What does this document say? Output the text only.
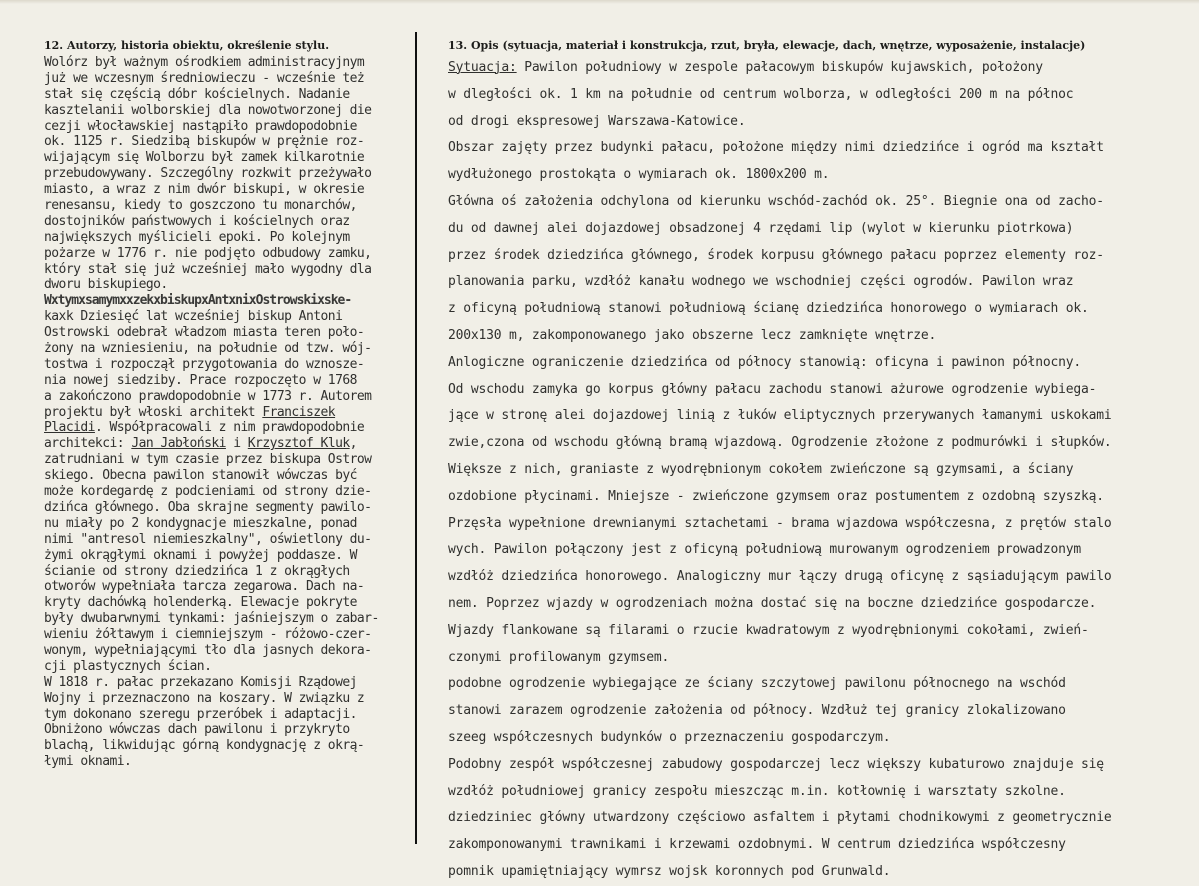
12. Autorzy, historia obiektu, określenie stylu.
Wolórz był ważnym ośrodkiem administracyjnym
już we wczesnym średniowieczu - wcześnie też
stał się częścią dóbr kościelnych. Nadanie
kasztelanii wolborskiej dla nowotworzonej die
cezji włocławskiej nastąpiło prawdopodobnie
ok. 1125 r. Siedzibą biskupów w prężnie roz-
wijającym się Wolborzu był zamek kilkarotnie
przebudowywany. Szczególny rozkwit przeżywało
miasto, a wraz z nim dwór biskupi, w okresie
renesansu, kiedy to goszczono tu monarchów,
dostojników państwowych i kościelnych oraz
największych myślicieli epoki. Po kolejnym
pożarze w 1776 r. nie podjęto odbudowy zamku,
który stał się już wcześniej mało wygodny dla
dworu biskupiego.
WxtymxsamymxxzekxbiskupxAntxnixOstrowskixske-
kaxk Dziesięć lat wcześniej biskup Antoni
Ostrowski odebrał władzom miasta teren poło-
żony na wzniesieniu, na południe od tzw. wój-
tostwa i rozpoczął przygotowania do wznosze-
nia nowej siedziby. Prace rozpoczęto w 1768
a zakończono prawdopodobnie w 1773 r. Autorem
projektu był włoski architekt Franciszek
Placidi. Współpracowali z nim prawdopodobnie
architekci: Jan Jabłoński i Krzysztof Kluk,
zatrudniani w tym czasie przez biskupa Ostrow
skiego. Obecna pawilon stanowił wówczas być
może kordegardę z podcieniami od strony dzie-
dzińca głównego. Oba skrajne segmenty pawilo-
nu miały po 2 kondygnacje mieszkalne, ponad
nimi "antresol niemieszkalny", oświetlony du-
żymi okrągłymi oknami i powyżej poddasze. W
ścianie od strony dziedzińca 1 z okrągłych
otworów wypełniała tarcza zegarowa. Dach na-
kryty dachówką holenderką. Elewacje pokryte
były dwubarwnymi tynkami: jaśniejszym o zabar-
wieniu żółtawym i ciemniejszym - różowo-czer-
wonym, wypełniającymi tło dla jasnych dekora-
cji plastycznych ścian.
W 1818 r. pałac przekazano Komisji Rządowej
Wojny i przeznaczono na koszary. W związku z
tym dokonano szeregu przeróbek i adaptacji.
Obniżono wówczas dach pawilonu i przykryto
blachą, likwidując górną kondygnację z okrą-
łymi oknami.
13. Opis (sytuacja, materiał i konstrukcja, rzut, bryła, elewacje, dach, wnętrze, wyposażenie, instalacje)
Sytuacja: Pawilon południowy w zespole pałacowym biskupów kujawskich, położony
w dległości ok. 1 km na południe od centrum wolborza, w odległości 200 m na północ
od drogi ekspresowej Warszawa-Katowice.
Obszar zajęty przez budynki pałacu, położone między nimi dziedzińce i ogród ma kształt
wydłużonego prostokąta o wymiarach ok. 1800x200 m.
Główna oś założenia odchylona od kierunku wschód-zachód ok. 25°. Biegnie ona od zacho-
du od dawnej alei dojazdowej obsadzonej 4 rzędami lip (wylot w kierunku piotrkowa)
przez środek dziedzińca głównego, środek korpusu głównego pałacu poprzez elementy roz-
planowania parku, wzdłóż kanału wodnego we wschodniej części ogrodów. Pawilon wraz
z oficyną południową stanowi południową ścianę dziedzińca honorowego o wymiarach ok.
200x130 m, zakomponowanego jako obszerne lecz zamknięte wnętrze.
Anlogiczne ograniczenie dziedzińca od północy stanowią: oficyna i pawinon północny.
Od wschodu zamyka go korpus główny pałacu zachodu stanowi ażurowe ogrodzenie wybiega-
jące w stronę alei dojazdowej linią z łuków eliptycznych przerywanych łamanymi uskokami
zwie,czona od wschodu główną bramą wjazdową. Ogrodzenie złożone z podmurówki i słupków.
Większe z nich, graniaste z wyodrębnionym cokołem zwieńczone są gzymsami, a ściany
ozdobione płycinami. Mniejsze - zwieńczone gzymsem oraz postumentem z ozdobną szyszką.
Przęsła wypełnione drewnianymi sztachetami - brama wjazdowa współczesna, z prętów stalo
wych. Pawilon połączony jest z oficyną południową murowanym ogrodzeniem prowadzonym
wzdłóż dziedzińca honorowego. Analogiczny mur łączy drugą oficynę z sąsiadującym pawilo
nem. Poprzez wjazdy w ogrodzeniach można dostać się na boczne dziedzińce gospodarcze.
Wjazdy flankowane są filarami o rzucie kwadratowym z wyodrębnionymi cokołami, zwień-
czonymi profilowanym gzymsem.
podobne ogrodzenie wybiegające ze ściany szczytowej pawilonu północnego na wschód
stanowi zarazem ogrodzenie założenia od północy. Wzdłuż tej granicy zlokalizowano
szeeg współczesnych budynków o przeznaczeniu gospodarczym.
Podobny zespół współczesnej zabudowy gospodarczej lecz większy kubaturowo znajduje się
wzdłóż południowej granicy zespołu mieszcząc m.in. kotłownię i warsztaty szkolne.
dziedziniec główny utwardzony częściowo asfaltem i płytami chodnikowymi z geometrycznie
zakomponowanymi trawnikami i krzewami ozdobnymi. W centrum dziedzińca współczesny
pomnik upamiętniający wymrsz wojsk koronnych pod Grunwald.
